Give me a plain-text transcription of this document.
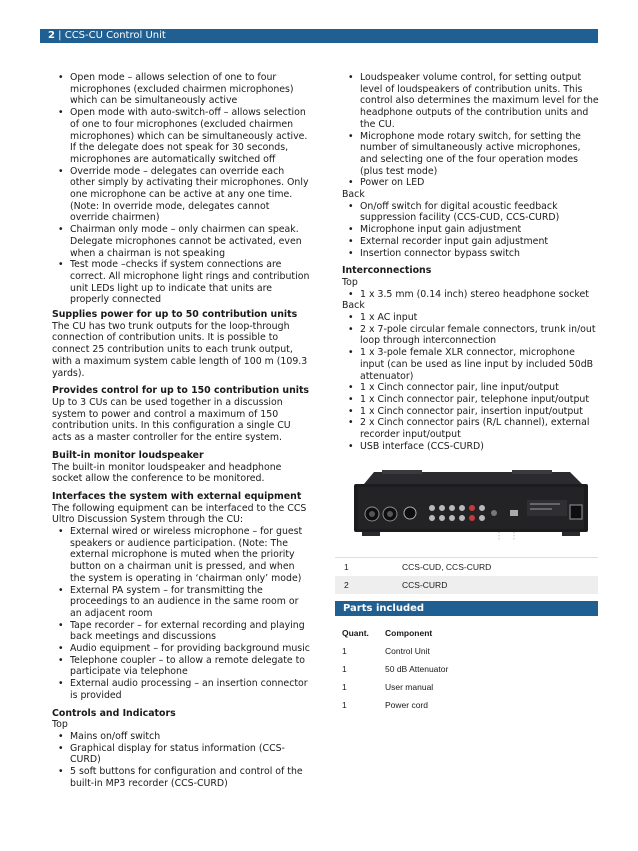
2 | CCS-CU Control Unit
• Open mode – allows selection of one to four microphones (excluded chairmen microphones) which can be simultaneously active
• Open mode with auto-switch-off – allows selection of one to four microphones (excluded chairmen microphones) which can be simultaneously active. If the delegate does not speak for 30 seconds, microphones are automatically switched off
• Override mode – delegates can override each other simply by activating their microphones. Only one microphone can be active at any one time. (Note: In override mode, delegates cannot override chairmen)
• Chairman only mode – only chairmen can speak. Delegate microphones cannot be activated, even when a chairman is not speaking
• Test mode –checks if system connections are correct. All microphone light rings and contribution unit LEDs light up to indicate that units are properly connected
Supplies power for up to 50 contribution units

The CU has two trunk outputs for the loop-through connection of contribution units. It is possible to connect 25 contribution units to each trunk output, with a maximum system cable length of 100 m (109.3 yards).

Provides control for up to 150 contribution units

Up to 3 CUs can be used together in a discussion system to power and control a maximum of 150 contribution units. In this configuration a single CU acts as a master controller for the entire system.

Built-in monitor loudspeaker

The built-in monitor loudspeaker and headphone socket allow the conference to be monitored.

Interfaces the system with external equipment

The following equipment can be interfaced to the CCS Ultro Discussion System through the CU:

• External wired or wireless microphone – for guest speakers or audience participation. (Note: The external microphone is muted when the priority button on a chairman unit is pressed, and when the system is operating in ‘chairman only’ mode)
• External PA system – for transmitting the proceedings to an audience in the same room or an adjacent room
• Tape recorder – for external recording and playing back meetings and discussions
• Audio equipment – for providing background music
• Telephone coupler – to allow a remote delegate to participate via telephone
• External audio processing – an insertion connector is provided
Controls and Indicators
Top
• Mains on/off switch
• Graphical display for status information (CCS-CURD)
• 5 soft buttons for configuration and control of the built-in MP3 recorder (CCS-CURD)
• Loudspeaker volume control, for setting output level of loudspeakers of contribution units. This control also determines the maximum level for the headphone outputs of the contribution units and the CU.
• Microphone mode rotary switch, for setting the number of simultaneously active microphones, and selecting one of the four operation modes (plus test mode)
• Power on LED
Back
• On/off switch for digital acoustic feedback suppression facility (CCS-CUD, CCS-CURD)
• Microphone input gain adjustment
• External recorder input gain adjustment
• Insertion connector bypass switch
Interconnections
Top
• 1 x 3.5 mm (0.14 inch) stereo headphone socket
Back
• 1 x AC input
• 2 x 7-pole circular female connectors, trunk in/out loop through interconnection
• 1 x 3-pole female XLR connector, microphone input (can be used as line input by included 50dB attenuator)
• 1 x Cinch connector pair, line input/output
• 1 x Cinch connector pair, telephone input/output
• 1 x Cinch connector pair, insertion input/output
• 2 x Cinch connector pairs (R/L channel), external recorder input/output
• USB interface (CCS-CURD)
1	CCS-CUD, CCS-CURD
2	CCS-CURD
Parts included
Quant. Component
1	Control Unit
1	50 dB Attenuator
1	User manual
1	Power cord
